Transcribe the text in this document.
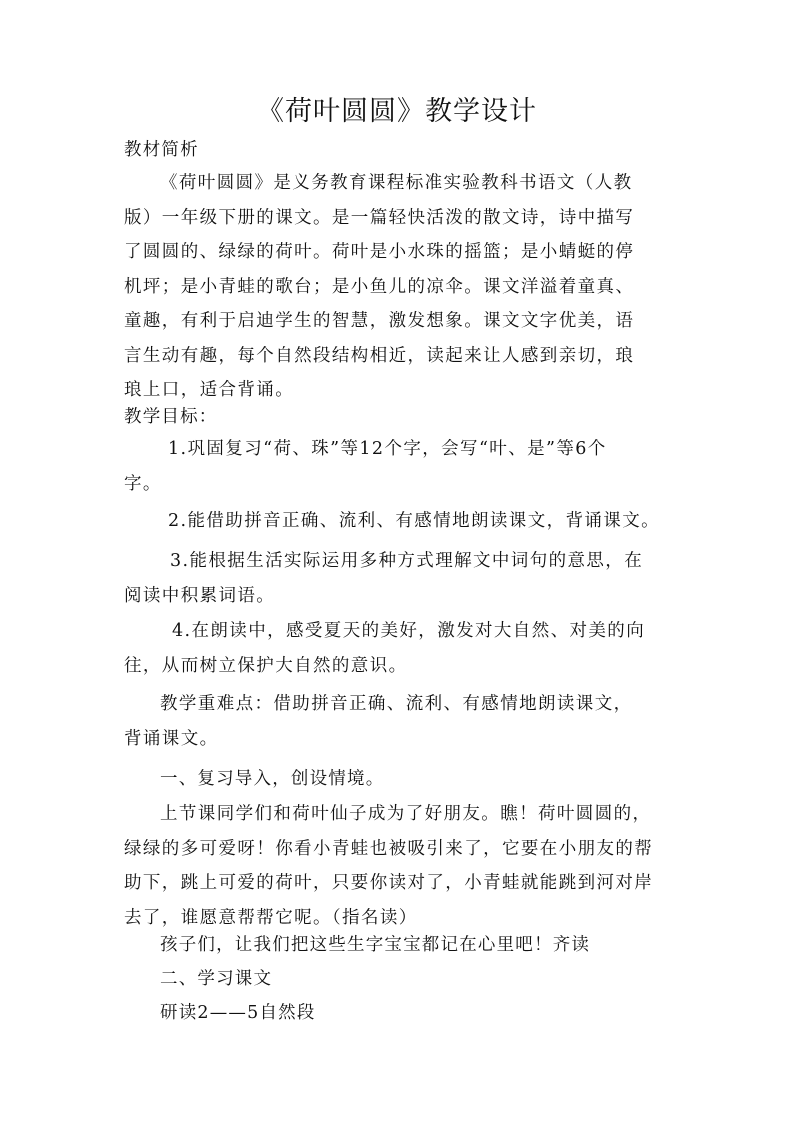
《荷叶圆圆》教学设计
教材简析
《荷叶圆圆》是义务教育课程标准实验教科书语文（人教
版）一年级下册的课文。是一篇轻快活泼的散文诗，诗中描写
了圆圆的、绿绿的荷叶。荷叶是小水珠的摇篮；是小蜻蜓的停
机坪；是小青蛙的歌台；是小鱼儿的凉伞。课文洋溢着童真、
童趣，有利于启迪学生的智慧，激发想象。课文文字优美，语
言生动有趣，每个自然段结构相近，读起来让人感到亲切，琅
琅上口，适合背诵。
教学目标：
1.巩固复习“荷、珠”等12个字，会写“叶、是”等6个
字。
2.能借助拼音正确、流利、有感情地朗读课文，背诵课文。
3.能根据生活实际运用多种方式理解文中词句的意思，在
阅读中积累词语。
4.在朗读中，感受夏天的美好，激发对大自然、对美的向
往，从而树立保护大自然的意识。
教学重难点：借助拼音正确、流利、有感情地朗读课文，
背诵课文。
一、复习导入，创设情境。
上节课同学们和荷叶仙子成为了好朋友。瞧！荷叶圆圆的，
绿绿的多可爱呀！你看小青蛙也被吸引来了，它要在小朋友的帮
助下，跳上可爱的荷叶，只要你读对了，小青蛙就能跳到河对岸
去了，谁愿意帮帮它呢。（指名读）
孩子们，让我们把这些生字宝宝都记在心里吧！齐读
二、学习课文
研读2——5自然段
